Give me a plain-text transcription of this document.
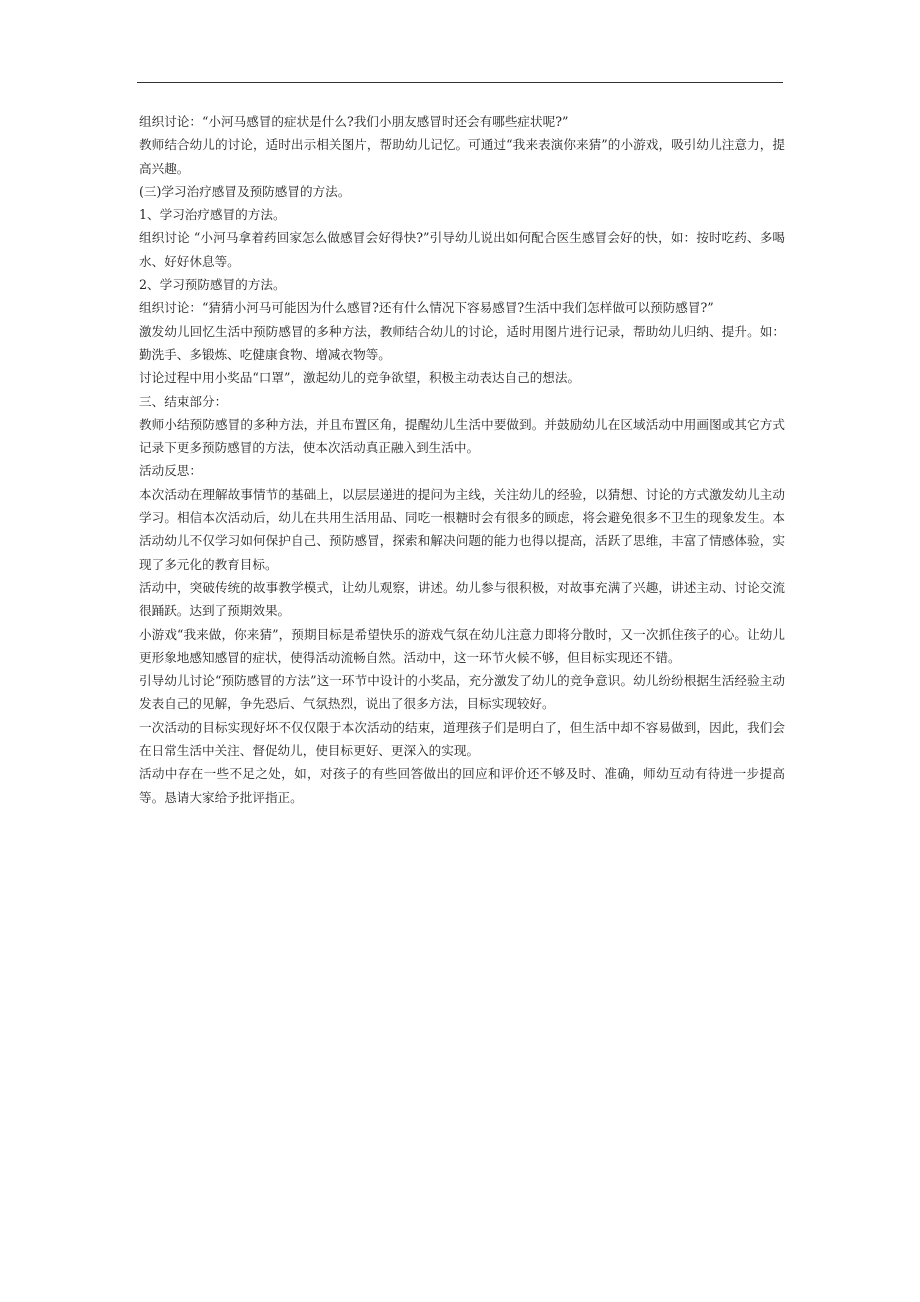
组织讨论：“小河马感冒的症状是什么?我们小朋友感冒时还会有哪些症状呢?”

教师结合幼儿的讨论，适时出示相关图片，帮助幼儿记忆。可通过“我来表演你来猜”的小游戏，吸引幼儿注意力，提高兴趣。

(三)学习治疗感冒及预防感冒的方法。

1、学习治疗感冒的方法。

组织讨论 “小河马拿着药回家怎么做感冒会好得快?”引导幼儿说出如何配合医生感冒会好的快，如：按时吃药、多喝水、好好休息等。

2、学习预防感冒的方法。

组织讨论：“猜猜小河马可能因为什么感冒?还有什么情况下容易感冒?生活中我们怎样做可以预防感冒?”

激发幼儿回忆生活中预防感冒的多种方法，教师结合幼儿的讨论，适时用图片进行记录，帮助幼儿归纳、提升。如：勤洗手、多锻炼、吃健康食物、增减衣物等。

讨论过程中用小奖品“口罩”，激起幼儿的竞争欲望，积极主动表达自己的想法。

三、结束部分：

教师小结预防感冒的多种方法，并且布置区角，提醒幼儿生活中要做到。并鼓励幼儿在区域活动中用画图或其它方式记录下更多预防感冒的方法，使本次活动真正融入到生活中。

活动反思：

本次活动在理解故事情节的基础上，以层层递进的提问为主线，关注幼儿的经验，以猜想、讨论的方式激发幼儿主动学习。相信本次活动后，幼儿在共用生活用品、同吃一根糖时会有很多的顾虑，将会避免很多不卫生的现象发生。本活动幼儿不仅学习如何保护自己、预防感冒，探索和解决问题的能力也得以提高，活跃了思维，丰富了情感体验，实现了多元化的教育目标。

活动中，突破传统的故事教学模式，让幼儿观察，讲述。幼儿参与很积极，对故事充满了兴趣，讲述主动、讨论交流很踊跃。达到了预期效果。

小游戏“我来做，你来猜”，预期目标是希望快乐的游戏气氛在幼儿注意力即将分散时，又一次抓住孩子的心。让幼儿更形象地感知感冒的症状，使得活动流畅自然。活动中，这一环节火候不够，但目标实现还不错。

引导幼儿讨论“预防感冒的方法”这一环节中设计的小奖品，充分激发了幼儿的竞争意识。幼儿纷纷根据生活经验主动发表自己的见解，争先恐后、气氛热烈，说出了很多方法，目标实现较好。

一次活动的目标实现好坏不仅仅限于本次活动的结束，道理孩子们是明白了，但生活中却不容易做到，因此，我们会在日常生活中关注、督促幼儿，使目标更好、更深入的实现。

活动中存在一些不足之处，如，对孩子的有些回答做出的回应和评价还不够及时、准确，师幼互动有待进一步提高等。恳请大家给予批评指正。
